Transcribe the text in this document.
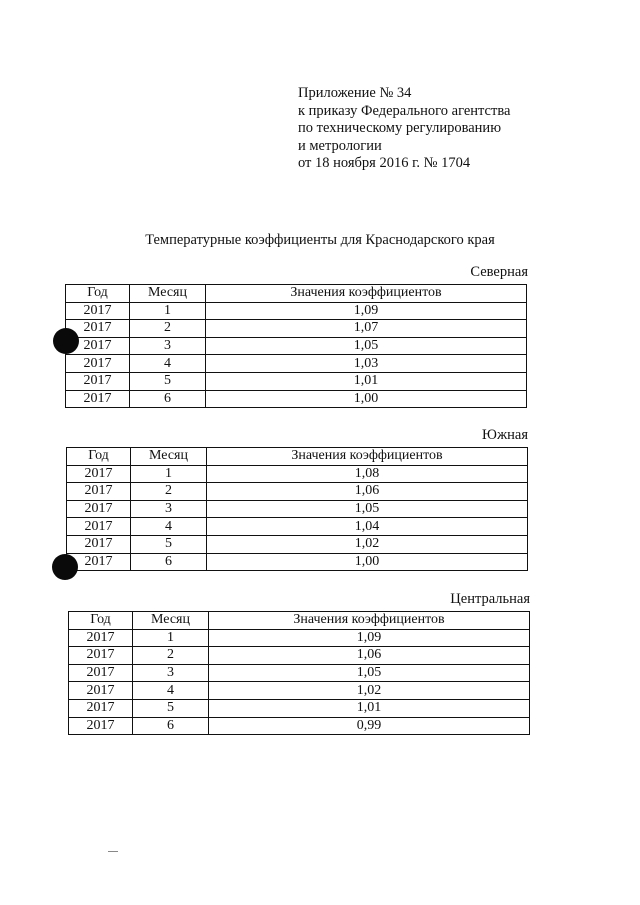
Приложение № 34
к приказу Федерального агентства
по техническому регулированию
и метрологии
от 18 ноября 2016 г. № 1704
Температурные коэффициенты для Краснодарского края
Северная
Год	Месяц	Значения коэффициентов
2017	1	1,09
2017	2	1,07
2017	3	1,05
2017	4	1,03
2017	5	1,01
2017	6	1,00
Южная
Год	Месяц	Значения коэффициентов
2017	1	1,08
2017	2	1,06
2017	3	1,05
2017	4	1,04
2017	5	1,02
2017	6	1,00
Центральная
Год	Месяц	Значения коэффициентов
2017	1	1,09
2017	2	1,06
2017	3	1,05
2017	4	1,02
2017	5	1,01
2017	6	0,99
